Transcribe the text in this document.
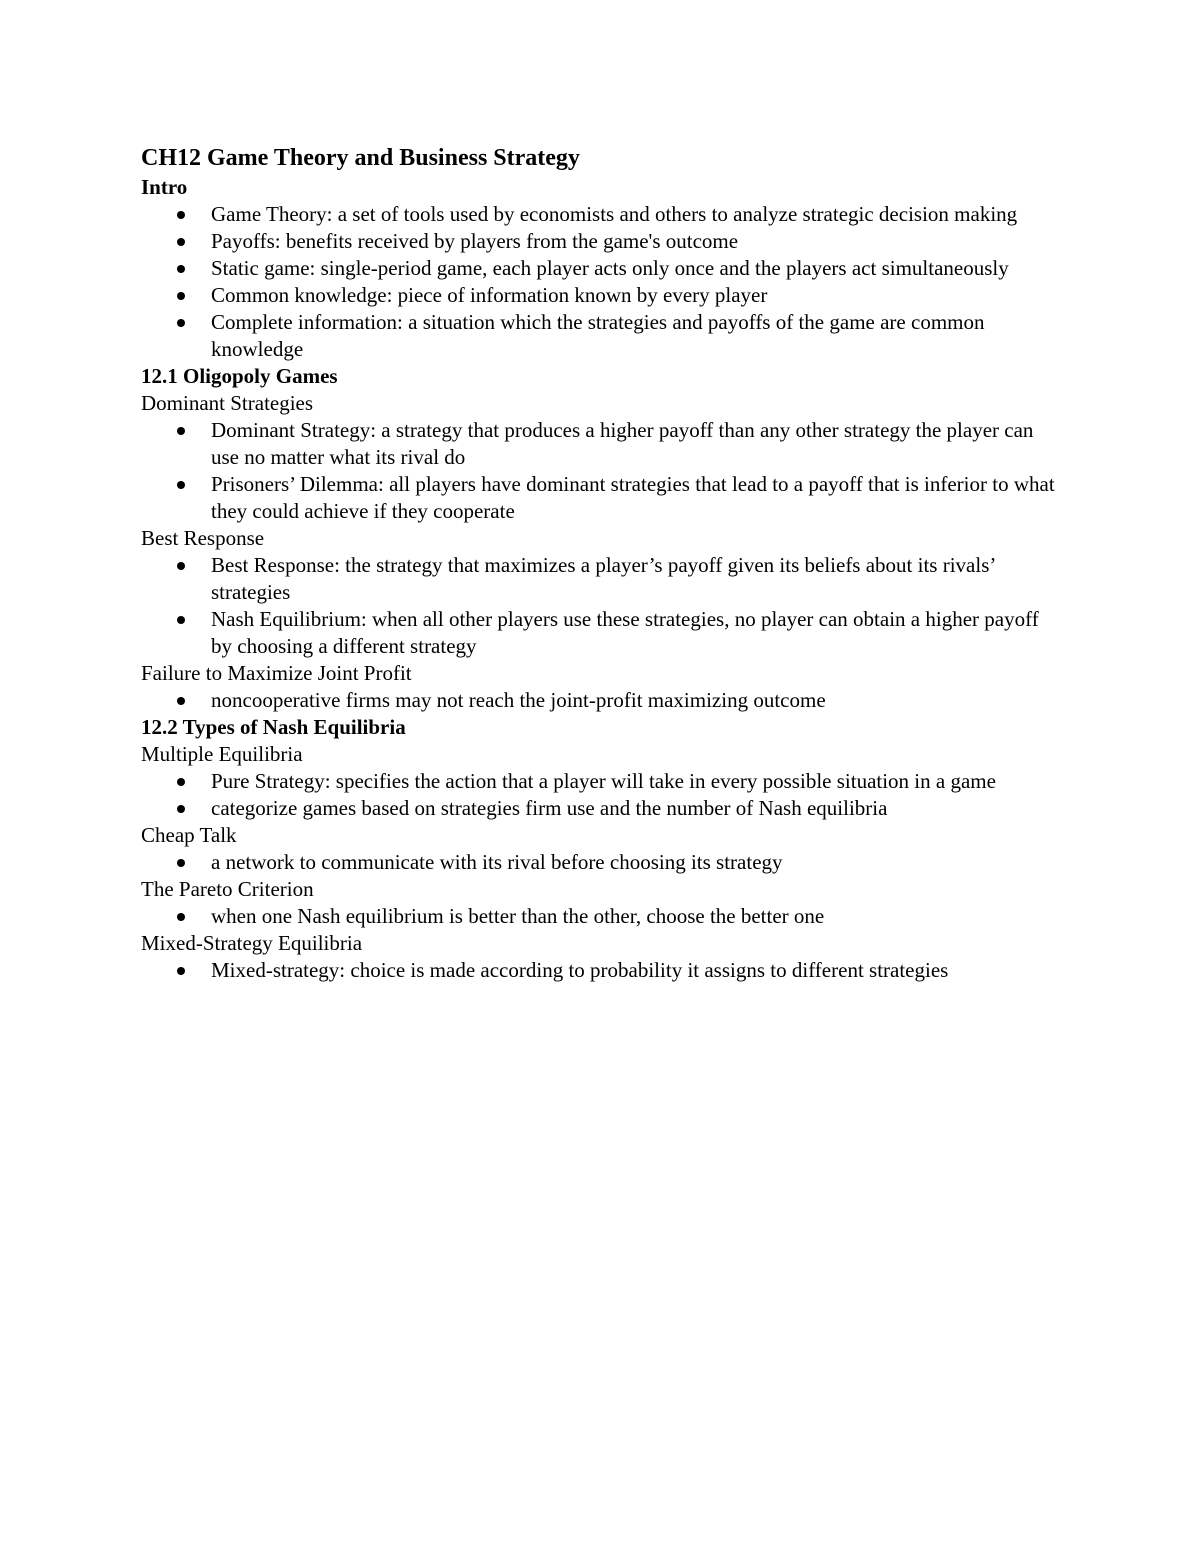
CH12 Game Theory and Business Strategy

Intro

Game Theory: a set of tools used by economists and others to analyze strategic decision making
Payoffs: benefits received by players from the game's outcome
Static game: single-period game, each player acts only once and the players act simultaneously
Common knowledge: piece of information known by every player
Complete information: a situation which the strategies and payoffs of the game are common knowledge

12.1 Oligopoly Games

Dominant Strategies

Dominant Strategy: a strategy that produces a higher payoff than any other strategy the player can use no matter what its rival do
Prisoners’ Dilemma: all players have dominant strategies that lead to a payoff that is inferior to what they could achieve if they cooperate

Best Response

Best Response: the strategy that maximizes a player’s payoff given its beliefs about its rivals’ strategies
Nash Equilibrium: when all other players use these strategies, no player can obtain a higher payoff by choosing a different strategy

Failure to Maximize Joint Profit

noncooperative firms may not reach the joint-profit maximizing outcome

12.2 Types of Nash Equilibria

Multiple Equilibria

Pure Strategy: specifies the action that a player will take in every possible situation in a game
categorize games based on strategies firm use and the number of Nash equilibria

Cheap Talk

a network to communicate with its rival before choosing its strategy

The Pareto Criterion

when one Nash equilibrium is better than the other, choose the better one

Mixed-Strategy Equilibria

Mixed-strategy: choice is made according to probability it assigns to different strategies
